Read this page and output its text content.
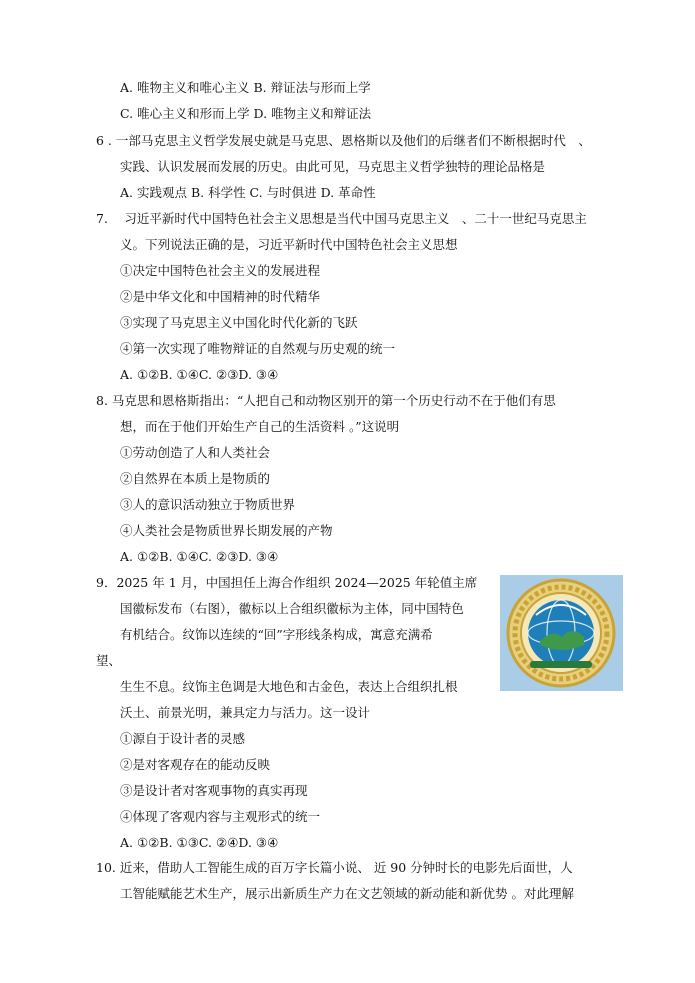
A. 唯物主义和唯心主义 B. 辩证法与形而上学
C. 唯心主义和形而上学 D. 唯物主义和辩证法
6 . 一部马克思主义哲学发展史就是马克思、恩格斯以及他们的后继者们不断根据时代　、
实践、认识发展而发展的历史。由此可见，马克思主义哲学独特的理论品格是
A. 实践观点 B. 科学性 C. 与时俱进 D. 革命性
7.　 习近平新时代中国特色社会主义思想是当代中国马克思主义　、二十一世纪马克思主
义。下列说法正确的是，习近平新时代中国特色社会主义思想
①决定中国特色社会主义的发展进程
②是中华文化和中国精神的时代精华
③实现了马克思主义中国化时代化新的飞跃
④第一次实现了唯物辩证的自然观与历史观的统一
A. ①②B. ①④C. ②③D. ③④
8. 马克思和恩格斯指出：“人把自己和动物区别开的第一个历史行动不在于他们有思
想，而在于他们开始生产自己的生活资料 。”这说明
①劳动创造了人和人类社会
②自然界在本质上是物质的
③人的意识活动独立于物质世界
④人类社会是物质世界长期发展的产物
A. ①②B. ①④C. ②③D. ③④
9．2025 年 1 月，中国担任上海合作组织 2024—2025 年轮值主席
国徽标发布（右图），徽标以上合组织徽标为主体，同中国特色
有机结合。纹饰以连续的“回”字形线条构成，寓意充满希
望、
生生不息。纹饰主色调是大地色和古金色，表达上合组织扎根
沃土、前景光明，兼具定力与活力。这一设计
①源自于设计者的灵感
②是对客观存在的能动反映
③是设计者对客观事物的真实再现
④体现了客观内容与主观形式的统一
A. ①②B. ①③C. ②④D. ③④
10. 近来，借助人工智能生成的百万字长篇小说、 近 90 分钟时长的电影先后面世，人
工智能赋能艺术生产，展示出新质生产力在文艺领域的新动能和新优势 。对此理解
